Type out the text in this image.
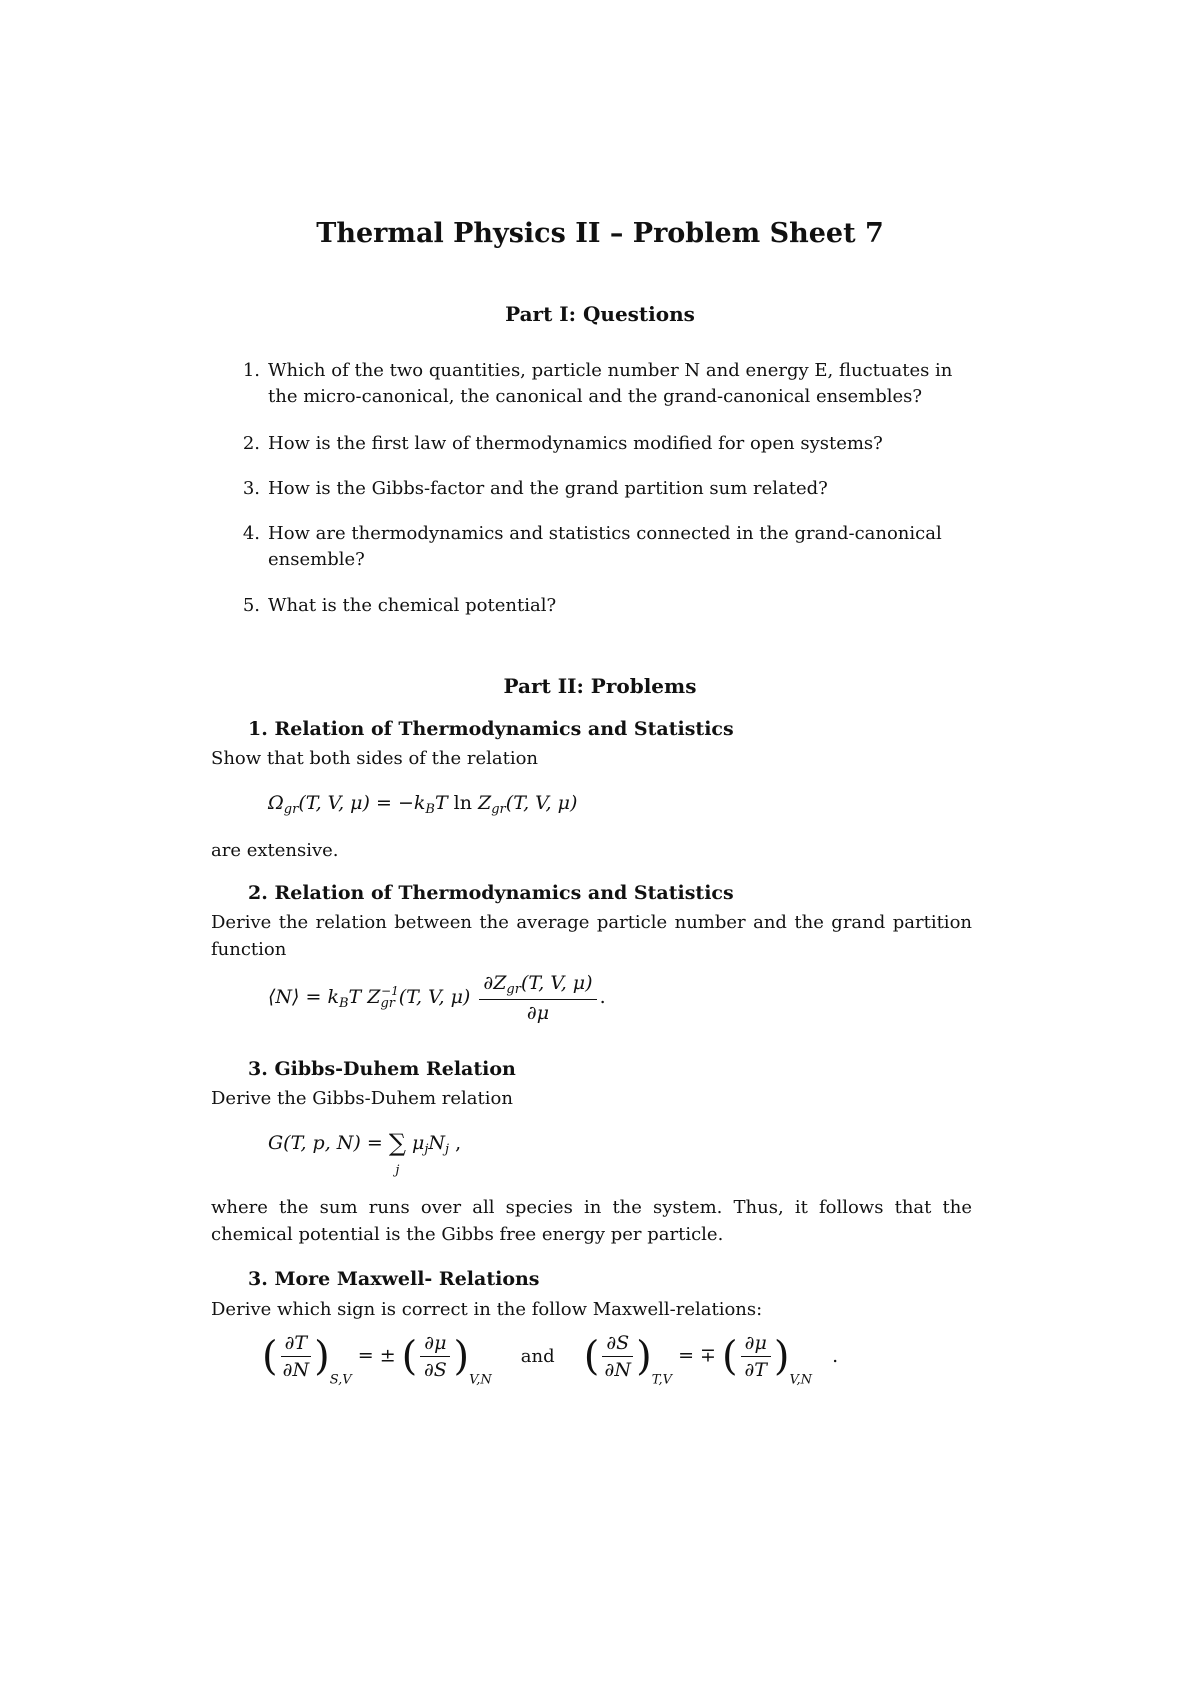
Thermal Physics II – Problem Sheet 7
Part I: Questions
1. Which of the two quantities, particle number N and energy E, fluctuates in the micro-canonical, the canonical and the grand-canonical ensembles?
2. How is the first law of thermodynamics modified for open systems?
3. How is the Gibbs-factor and the grand partition sum related?
4. How are thermodynamics and statistics connected in the grand-canonical ensemble?
5. What is the chemical potential?
Part II: Problems
1. Relation of Thermodynamics and Statistics
Show that both sides of the relation
$\Omega_{gr}(T$, V, $\mu) = -k_BT$ $\ln Z_{gr}(T$, V, μ)
are extensive.
2. Relation of Thermodynamics and Statistics
Derive the relation between the average particle number and the grand partition function
⟨N⟩ = $k_BT$ $Z_{gr}^{-1}(T$, V, $\mu) \frac{\partial Z_{gr}(T, V, \mu)}{\partial\mu}$ .
3. Gibbs-Duhem Relation
Derive the Gibbs-Duhem relation
G(T, p, N) = ∑
j $\mu_jN_j$ ,
where the sum runs over all species in the system. Thus, it follows that the chemical potential is the Gibbs free energy per particle.
3. More Maxwell- Relations
Derive which sign is correct in the follow Maxwell-relations:
( $\frac{\partial T}{\partial N} )_{S,V}$ = ± ( $\frac{\partial\mu}{\partial S} )_{V,N}and$ ( $\frac{\partial S}{\partial N} )_{T,V}$ = ∓ ( $\frac{\partial\mu}{\partial T} )_{V,N}$ .
